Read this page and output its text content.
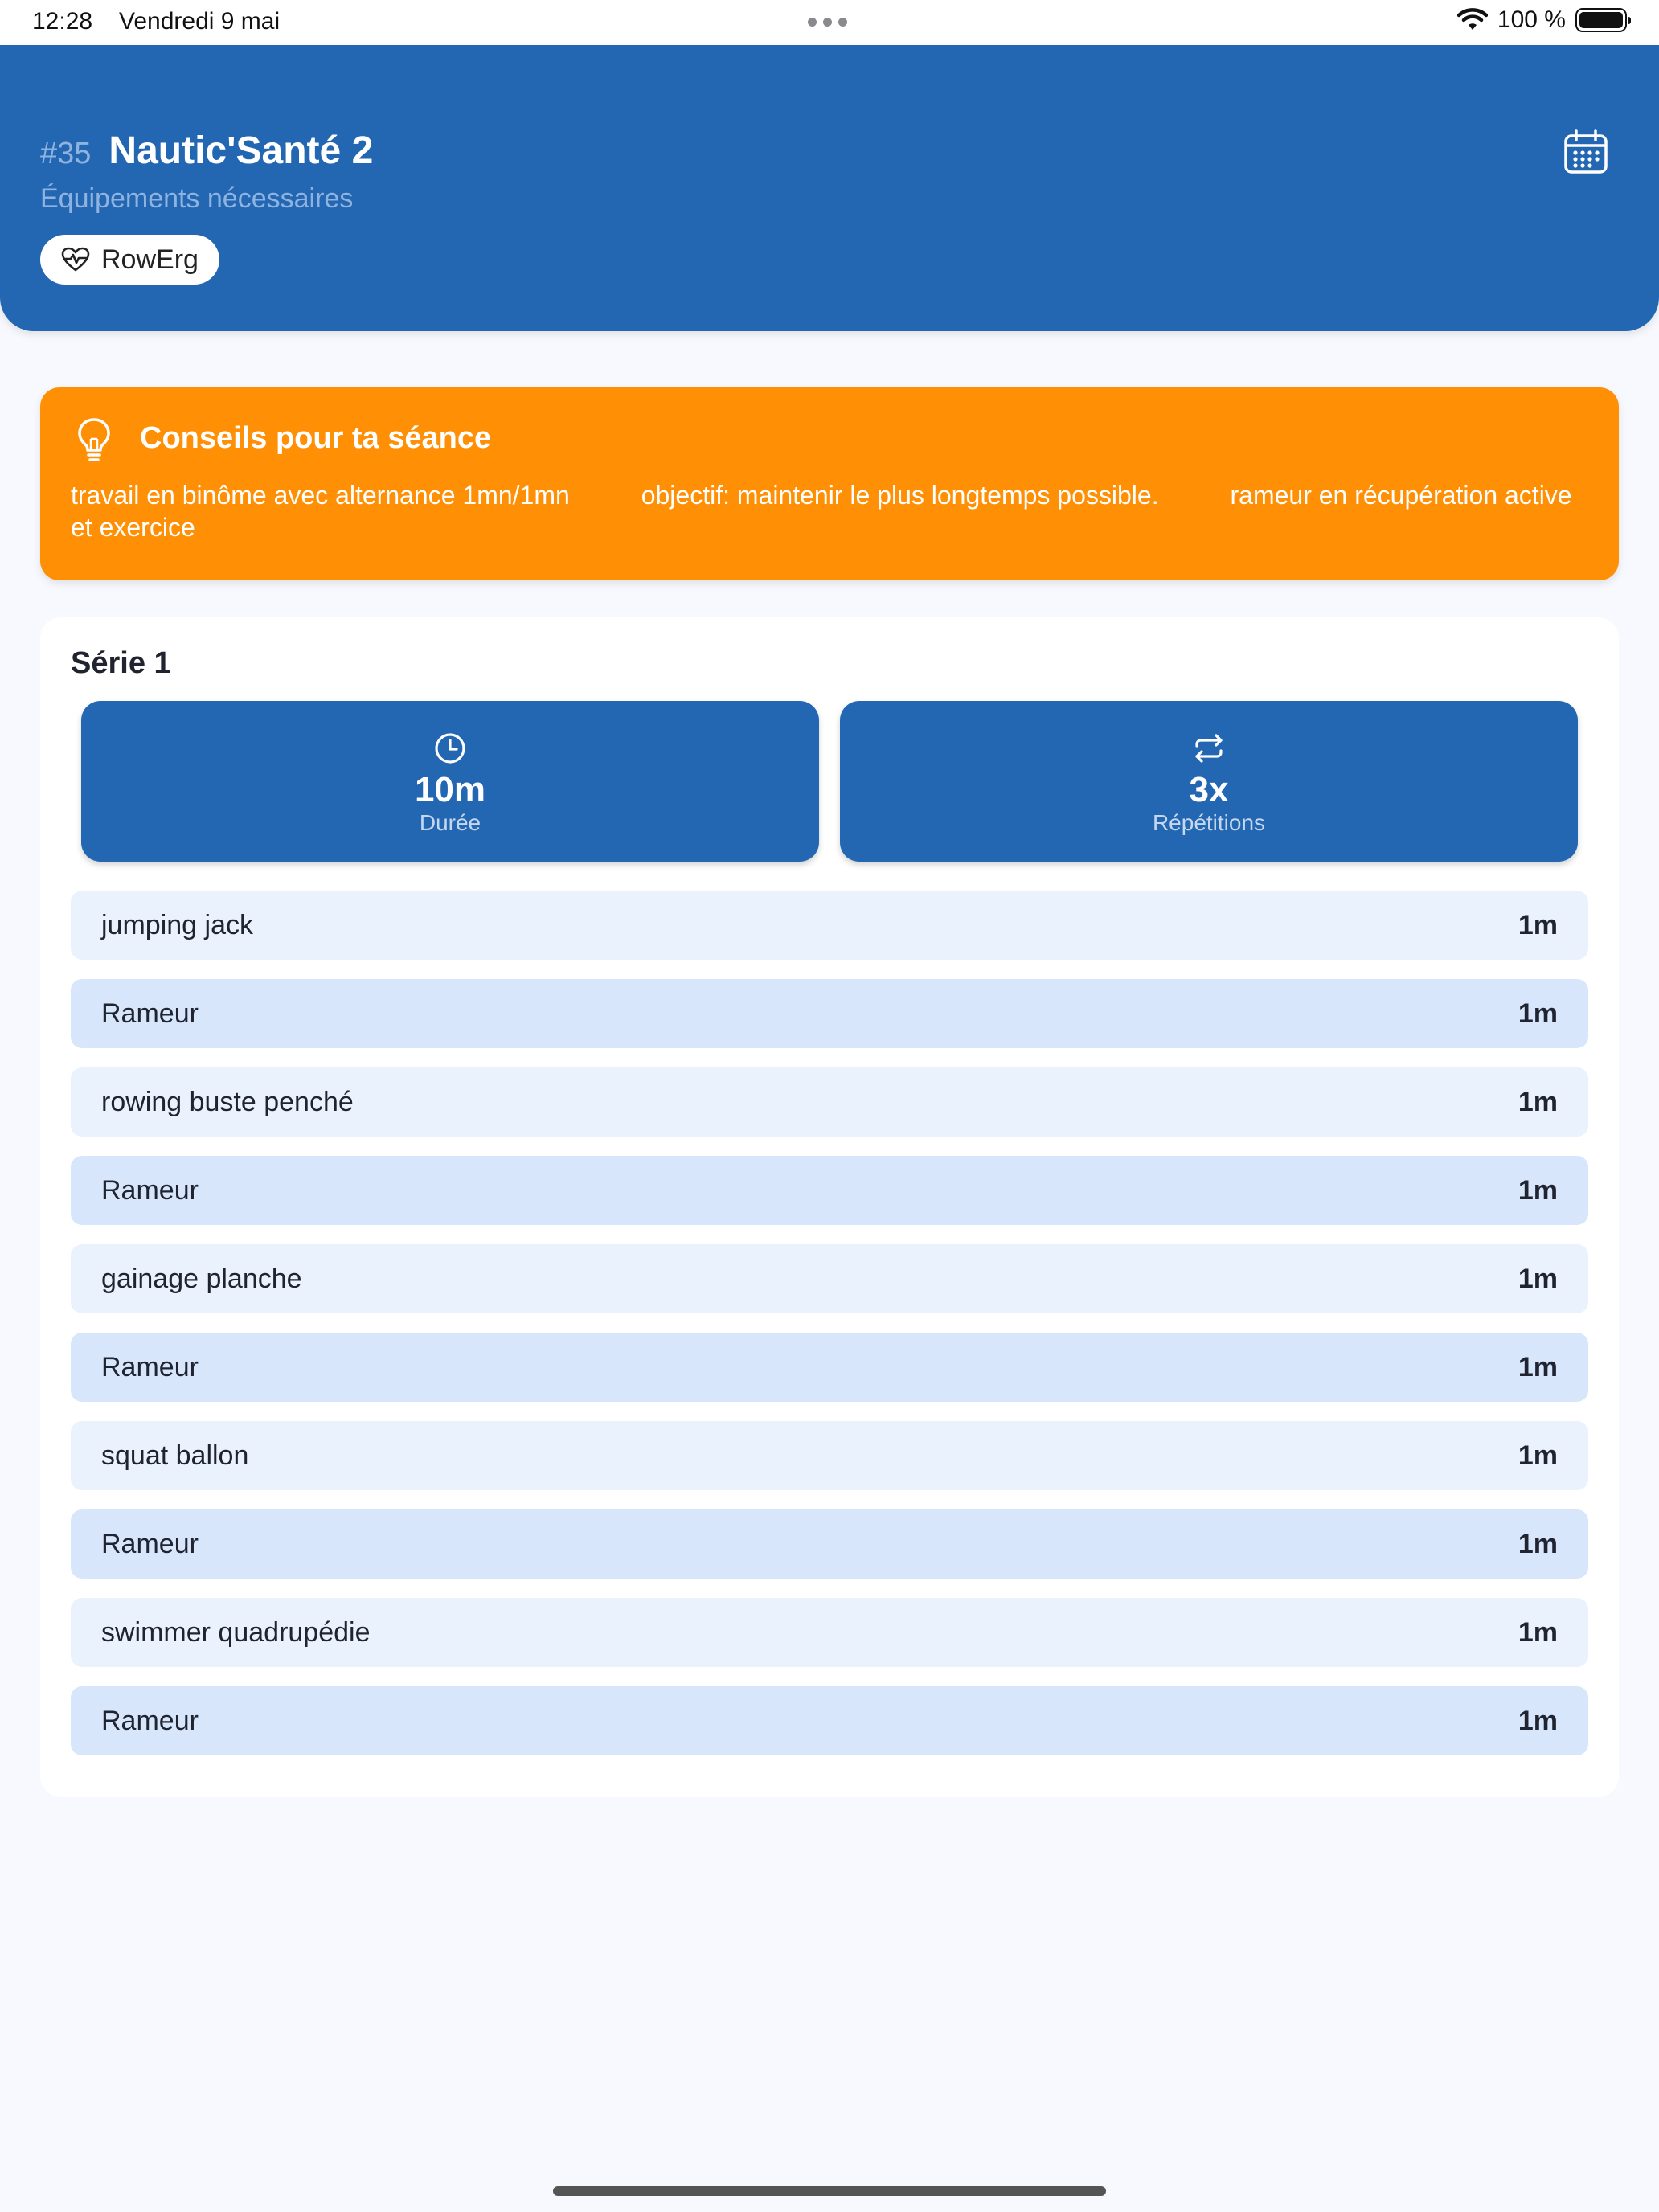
12:28 Vendredi 9 mai	100 %
#35 Nautic'Santé 2
Équipements nécessaires
RowErg
Conseils pour ta séance
travail en binôme avec alternance 1mn/1mn          objectif: maintenir le plus longtemps possible.          rameur en récupération active et exercice
Série 1
10m
Durée
3x
Répétitions
jumping jack	1m
Rameur	1m
rowing buste penché	1m
Rameur	1m
gainage planche	1m
Rameur	1m
squat ballon	1m
Rameur	1m
swimmer quadrupédie	1m
Rameur	1m
